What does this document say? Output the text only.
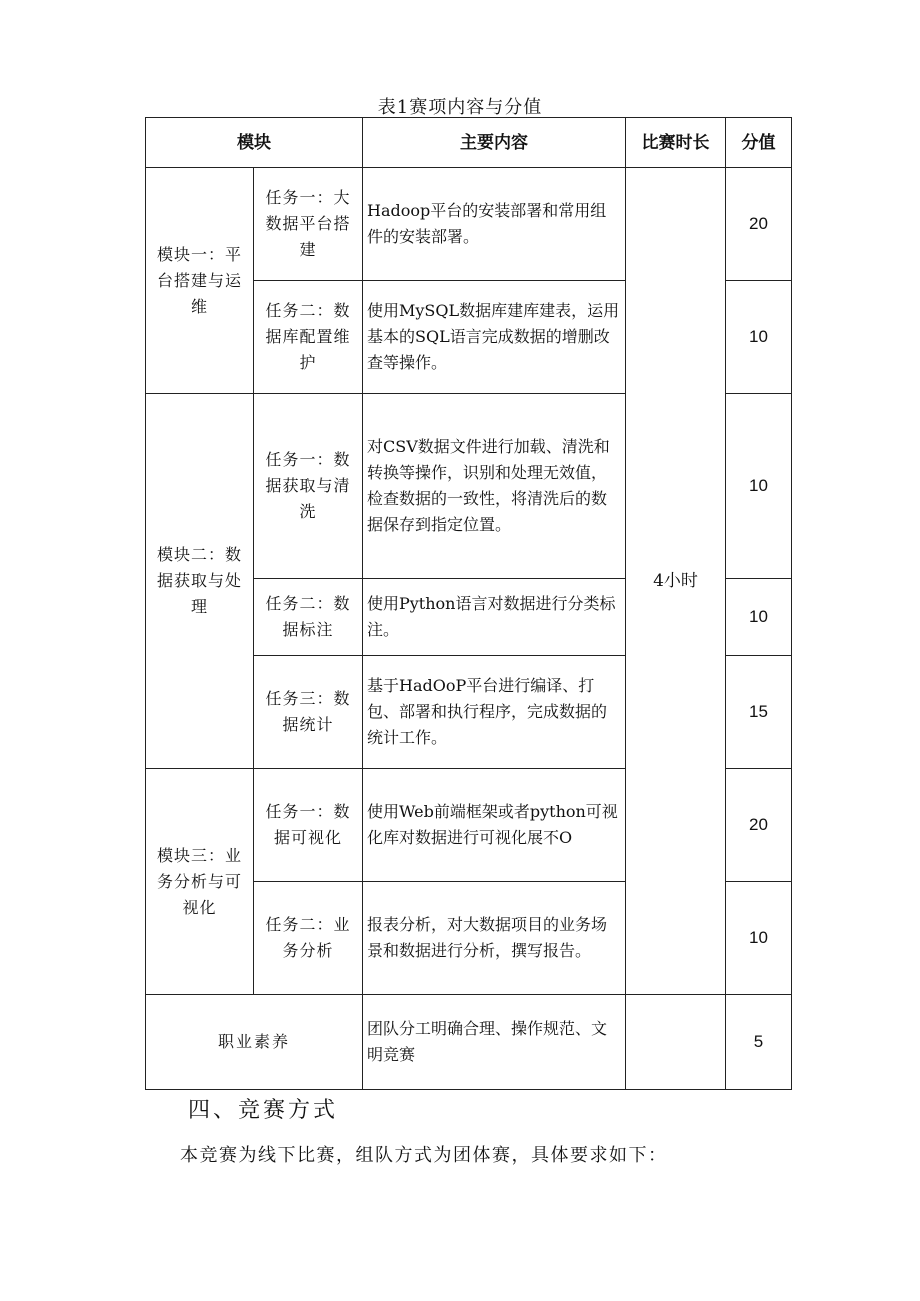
表1赛项内容与分值
模块		主要内容	比赛时长	分值
模块一：平台搭建与运维	任务一：大数据平台搭建	Hadoop平台的安装部署和常用组件的安装部署。	4小时	20
	任务二：数据库配置维护	使用MySQL数据库建库建表，运用基本的SQL语言完成数据的增删改查等操作。		10
模块二：数据获取与处理	任务一：数据获取与清洗	对CSV数据文件进行加载、清洗和转换等操作，识别和处理无效值，检查数据的一致性，将清洗后的数据保存到指定位置。		10
	任务二：数据标注	使用Python语言对数据进行分类标注。		10
	任务三：数据统计	基于HadOoP平台进行编译、打包、部署和执行程序，完成数据的统计工作。		15
模块三：业务分析与可视化	任务一：数据可视化	使用Web前端框架或者python可视化库对数据进行可视化展不O		20
	任务二：业务分析	报表分析，对大数据项目的业务场景和数据进行分析，撰写报告。		10
职业素养		团队分工明确合理、操作规范、文明竞赛		5
四、竞赛方式
本竞赛为线下比赛，组队方式为团体赛，具体要求如下：
